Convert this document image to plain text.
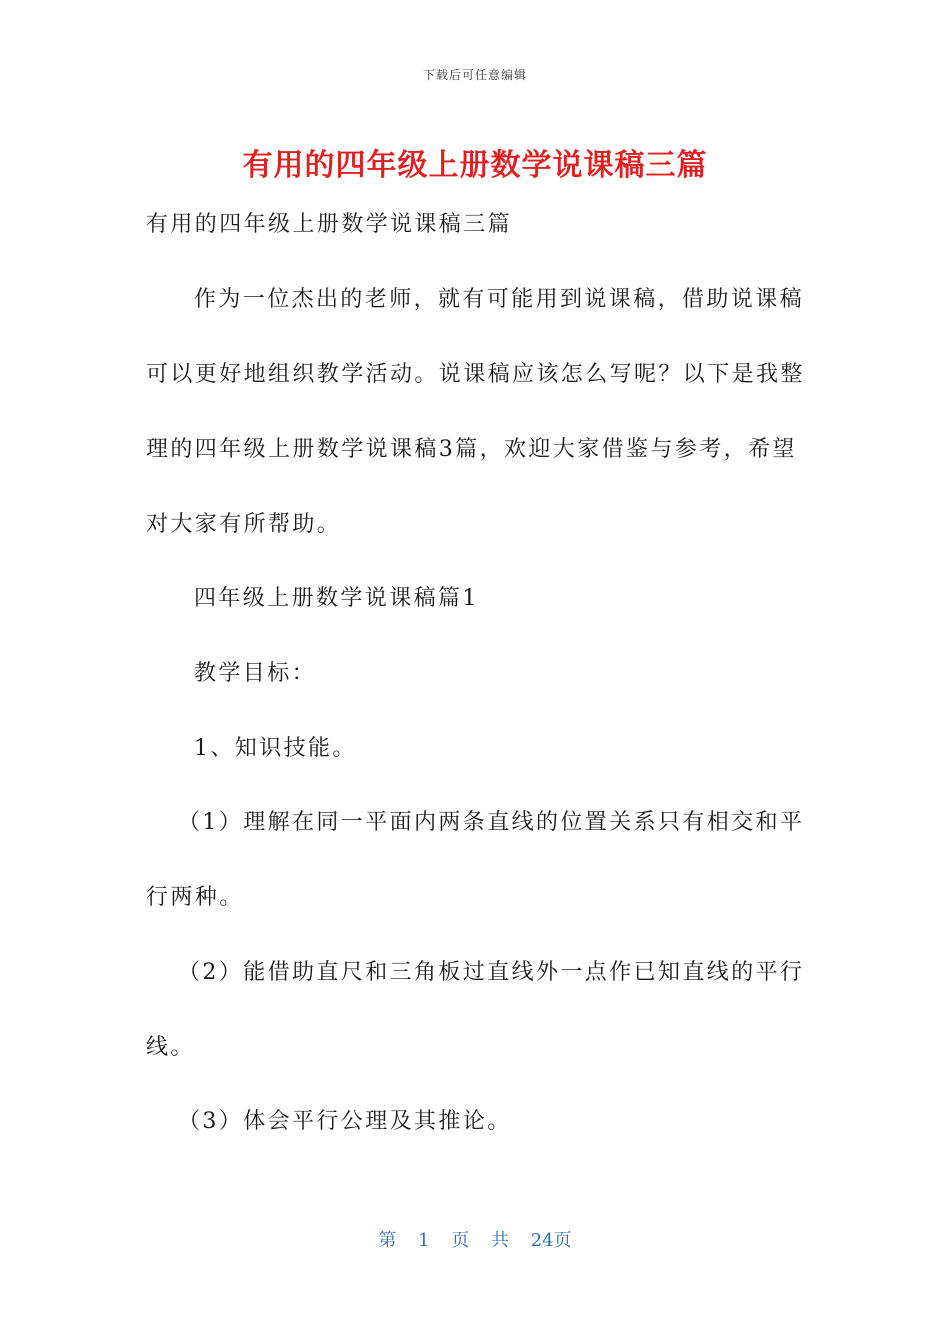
下载后可任意编辑
有用的四年级上册数学说课稿三篇
有用的四年级上册数学说课稿三篇
作为一位杰出的老师，就有可能用到说课稿，借助说课稿
可以更好地组织教学活动。说课稿应该怎么写呢？以下是我整
理的四年级上册数学说课稿3篇，欢迎大家借鉴与参考，希望
对大家有所帮助。
四年级上册数学说课稿篇1
教学目标：
1、知识技能。
（1）理解在同一平面内两条直线的位置关系只有相交和平
行两种。
（2）能借助直尺和三角板过直线外一点作已知直线的平行
线。
（3）体会平行公理及其推论。
第 1 页 共 24页
